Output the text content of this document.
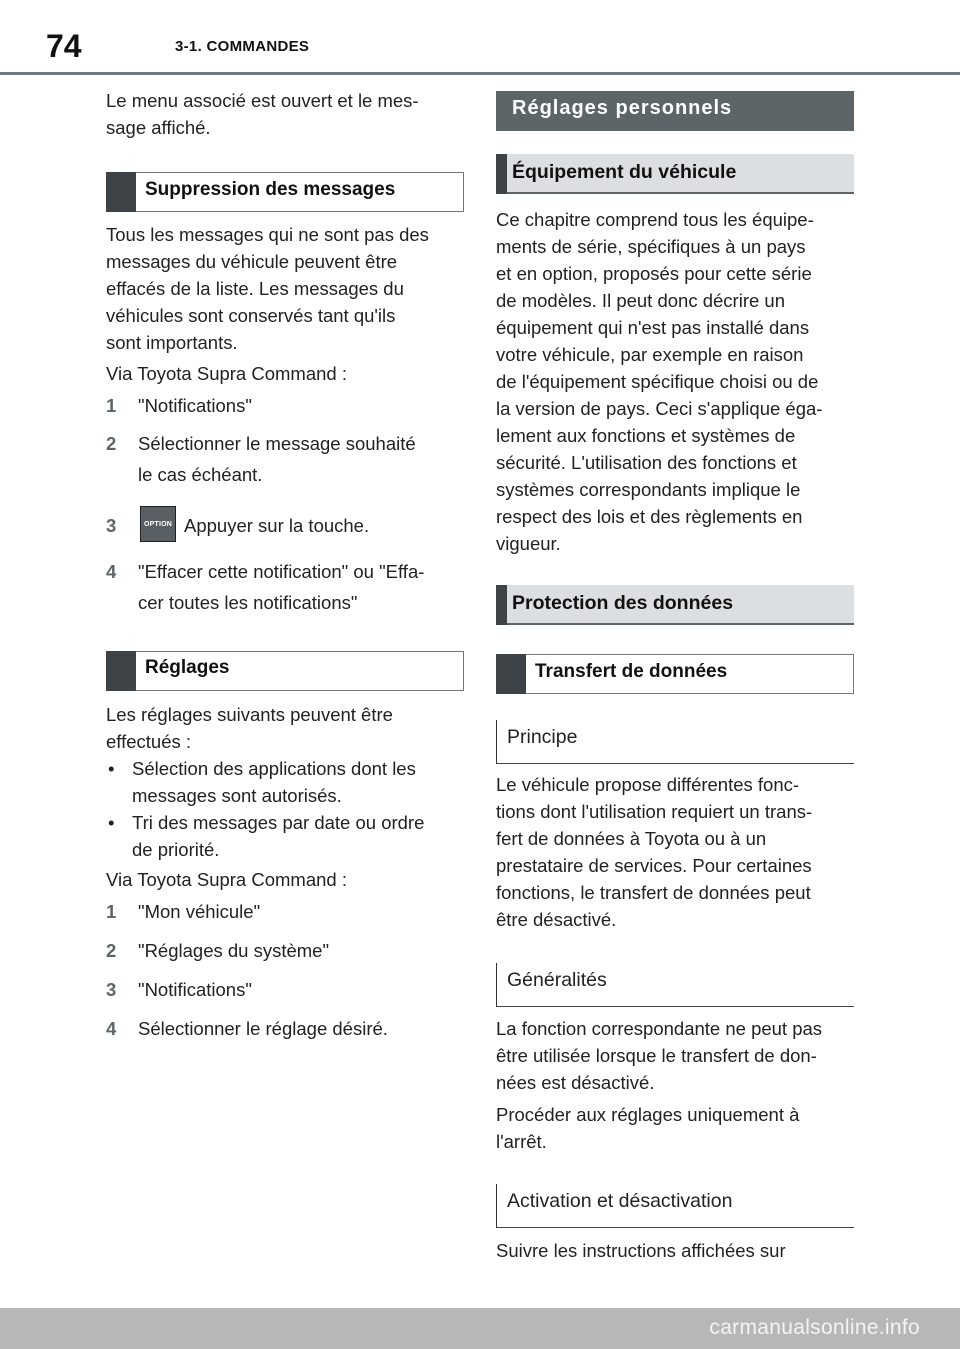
74	3-1. COMMANDES

Le menu associé est ouvert et le mes-
sage affiché.

Suppression des messages

Tous les messages qui ne sont pas des
messages du véhicule peuvent être
effacés de la liste. Les messages du
véhicules sont conservés tant qu'ils
sont importants.

Via Toyota Supra Command :

1 "Notifications"
2 Sélectionner le message souhaité
le cas échéant.
3	OPTION Appuyer sur la touche.
4 "Effacer cette notification" ou "Effa-
cer toutes les notifications"
Réglages

Les réglages suivants peuvent être
effectués :

• Sélection des applications dont les
messages sont autorisés.
• Tri des messages par date ou ordre
de priorité.

Via Toyota Supra Command :

1 "Mon véhicule"
2 "Réglages du système"
3 "Notifications"
4 Sélectionner le réglage désiré.
Réglages personnels
Équipement du véhicule

Ce chapitre comprend tous les équipe-
ments de série, spécifiques à un pays
et en option, proposés pour cette série
de modèles. Il peut donc décrire un
équipement qui n'est pas installé dans
votre véhicule, par exemple en raison
de l'équipement spécifique choisi ou de
la version de pays. Ceci s'applique éga-
lement aux fonctions et systèmes de
sécurité. L'utilisation des fonctions et
systèmes correspondants implique le
respect des lois et des règlements en
vigueur.

Protection des données
Transfert de données
Principe

Le véhicule propose différentes fonc-
tions dont l'utilisation requiert un trans-
fert de données à Toyota ou à un
prestataire de services. Pour certaines
fonctions, le transfert de données peut
être désactivé.

Généralités

La fonction correspondante ne peut pas
être utilisée lorsque le transfert de don-
nées est désactivé.

Procéder aux réglages uniquement à
l'arrêt.

Activation et désactivation

Suivre les instructions affichées sur

carmanualsonline.info
